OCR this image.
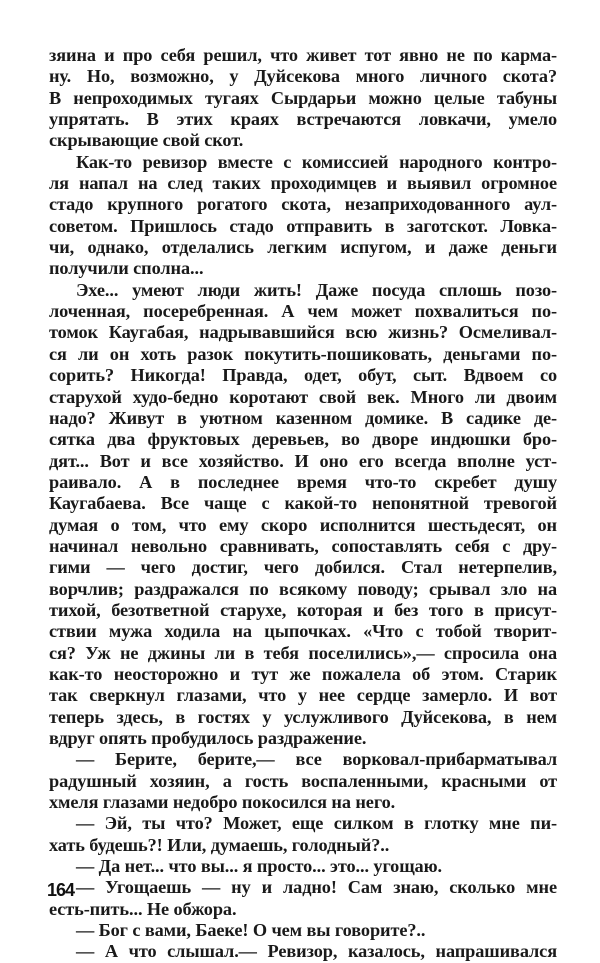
зяина и про себя решил, что живет тот явно не по карма-
ну. Но, возможно, у Дуйсекова много личного скота?
В непроходимых тугаях Сырдарьи можно целые табуны
упрятать. В этих краях встречаются ловкачи, умело
скрывающие свой скот.
Как-то ревизор вместе с комиссией народного контро-
ля напал на след таких проходимцев и выявил огромное
стадо крупного рогатого скота, незаприходованного аул-
советом. Пришлось стадо отправить в заготскот. Ловка-
чи, однако, отделались легким испугом, и даже деньги
получили сполна...
Эхе... умеют люди жить! Даже посуда сплошь позо-
лоченная, посеребренная. А чем может похвалиться по-
томок Каугабая, надрывавшийся всю жизнь? Осмеливал-
ся ли он хоть разок покутить-пошиковать, деньгами по-
сорить? Никогда! Правда, одет, обут, сыт. Вдвоем со
старухой худо-бедно коротают свой век. Много ли двоим
надо? Живут в уютном казенном домике. В садике де-
сятка два фруктовых деревьев, во дворе индюшки бро-
дят... Вот и все хозяйство. И оно его всегда вполне уст-
раивало. А в последнее время что-то скребет душу
Каугабаева. Все чаще с какой-то непонятной тревогой
думая о том, что ему скоро исполнится шестьдесят, он
начинал невольно сравнивать, сопоставлять себя с дру-
гими — чего достиг, чего добился. Стал нетерпелив,
ворчлив; раздражался по всякому поводу; срывал зло на
тихой, безответной старухе, которая и без того в присут-
ствии мужа ходила на цыпочках. «Что с тобой творит-
ся? Уж не джины ли в тебя поселились»,— спросила она
как-то неосторожно и тут же пожалела об этом. Старик
так сверкнул глазами, что у нее сердце замерло. И вот
теперь здесь, в гостях у услужливого Дуйсекова, в нем
вдруг опять пробудилось раздражение.
— Берите, берите,— все ворковал-прибарматывал
радушный хозяин, а гость воспаленными, красными от
хмеля глазами недобро покосился на него.
— Эй, ты что? Может, еще силком в глотку мне пи-
хать будешь?! Или, думаешь, голодный?..
— Да нет... что вы... я просто... это... угощаю.
— Угощаешь — ну и ладно! Сам знаю, сколько мне
есть-пить... Не обжора.
— Бог с вами, Баеке! О чем вы говорите?..
— А что слышал.— Ревизор, казалось, напрашивался
164
